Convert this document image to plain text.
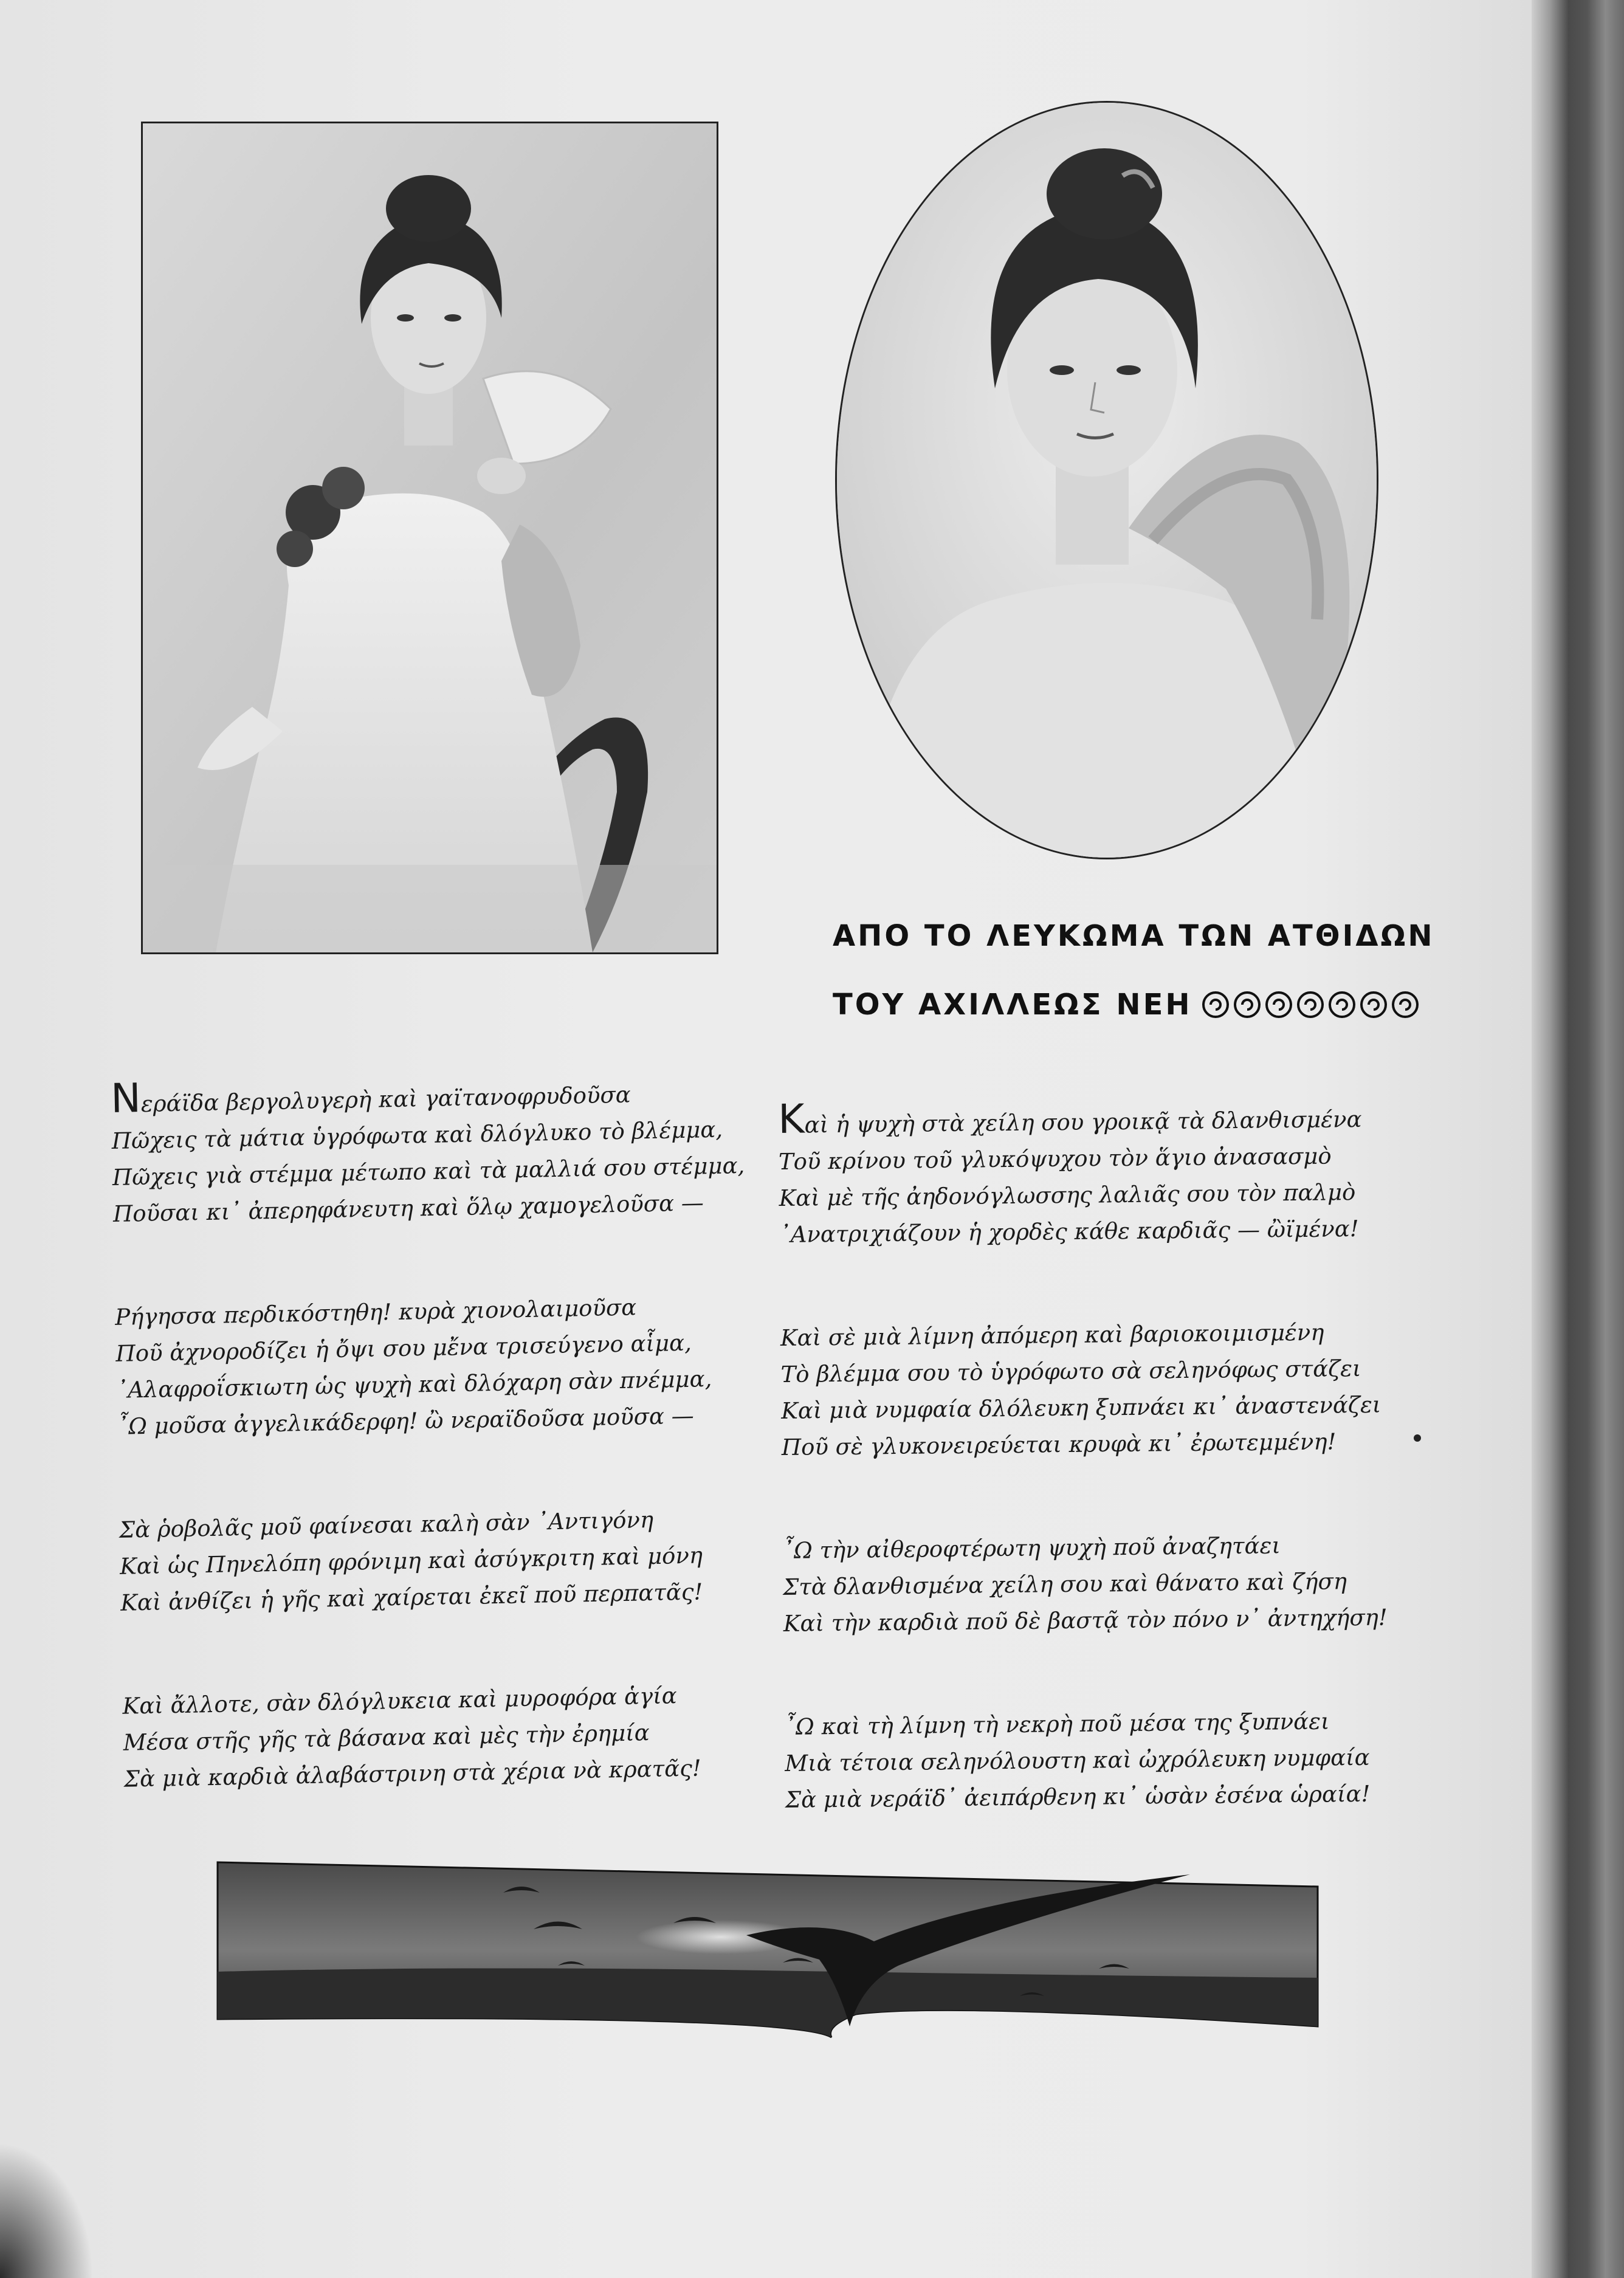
ΑΠΟ ΤΟ ΛΕΥΚΩΜΑ ΤΩΝ ΑΤΘΙΔΩΝ
ΤΟΥ ΑΧΙΛΛΕΩΣ ΝΕΗ
Nεράϊδα βεργολυγερὴ καὶ γαϊτανοφρυδοῦσα
Πῶχεις τὰ μάτια ὑγρόφωτα καὶ δλόγλυκο τὸ βλέμμα,
Πῶχεις γιὰ στέμμα μέτωπο καὶ τὰ μαλλιά σου στέμμα,
Ποῦσαι κι᾿ ἀπερηφάνευτη καὶ ὅλῳ χαμογελοῦσα —
Ρήγησσα περδικόστηθη! κυρὰ χιονολαιμοῦσα
Ποῦ ἀχνοροδίζει ἡ ὄψι σου μἔνα τρισεύγενο αἷμα,
᾿Αλαφροΐσκιωτη ὡς ψυχὴ καὶ δλόχαρη σὰν πνέμμα,
῏Ω μοῦσα ἀγγελικάδερφη! ὢ νεραϊδοῦσα μοῦσα —
Σὰ ῥοβολᾶς μοῦ φαίνεσαι καλὴ σὰν ᾿Αντιγόνη
Καὶ ὡς Πηνελόπη φρόνιμη καὶ ἀσύγκριτη καὶ μόνη
Καὶ ἀνθίζει ἡ γῆς καὶ χαίρεται ἐκεῖ ποῦ περπατᾶς!
Καὶ ἄλλοτε, σὰν δλόγλυκεια καὶ μυροφόρα ἁγία
Μέσα στῆς γῆς τὰ βάσανα καὶ μὲς τὴν ἐρημία
Σὰ μιὰ καρδιὰ ἀλαβάστρινη στὰ χέρια νὰ κρατᾶς!
Kαὶ ἡ ψυχὴ στὰ χείλη σου γροικᾷ τὰ δλανθισμένα
Τοῦ κρίνου τοῦ γλυκόψυχου τὸν ἅγιο ἀνασασμὸ
Καὶ μὲ τῆς ἀηδονόγλωσσης λαλιᾶς σου τὸν παλμὸ
᾿Ανατριχιάζουν ἡ χορδὲς κάθε καρδιᾶς — ὢϊμένα!
Καὶ σὲ μιὰ λίμνη ἀπόμερη καὶ βαριοκοιμισμένη
Τὸ βλέμμα σου τὸ ὑγρόφωτο σὰ σεληνόφως στάζει
Καὶ μιὰ νυμφαία δλόλευκη ξυπνάει κι᾿ ἀναστενάζει
Ποῦ σὲ γλυκονειρεύεται κρυφὰ κι᾿ ἐρωτεμμένη!
῏Ω τὴν αἰθεροφτέρωτη ψυχὴ ποῦ ἀναζητάει
Στὰ δλανθισμένα χείλη σου καὶ θάνατο καὶ ζήση
Καὶ τὴν καρδιὰ ποῦ δὲ βαστᾷ τὸν πόνο ν᾿ ἀντηχήση!
῏Ω καὶ τὴ λίμνη τὴ νεκρὴ ποῦ μέσα της ξυπνάει
Μιὰ τέτοια σεληνόλουστη καὶ ὠχρόλευκη νυμφαία
Σὰ μιὰ νεράϊδ᾿ ἀειπάρθενη κι᾿ ὡσὰν ἐσένα ὡραία!
